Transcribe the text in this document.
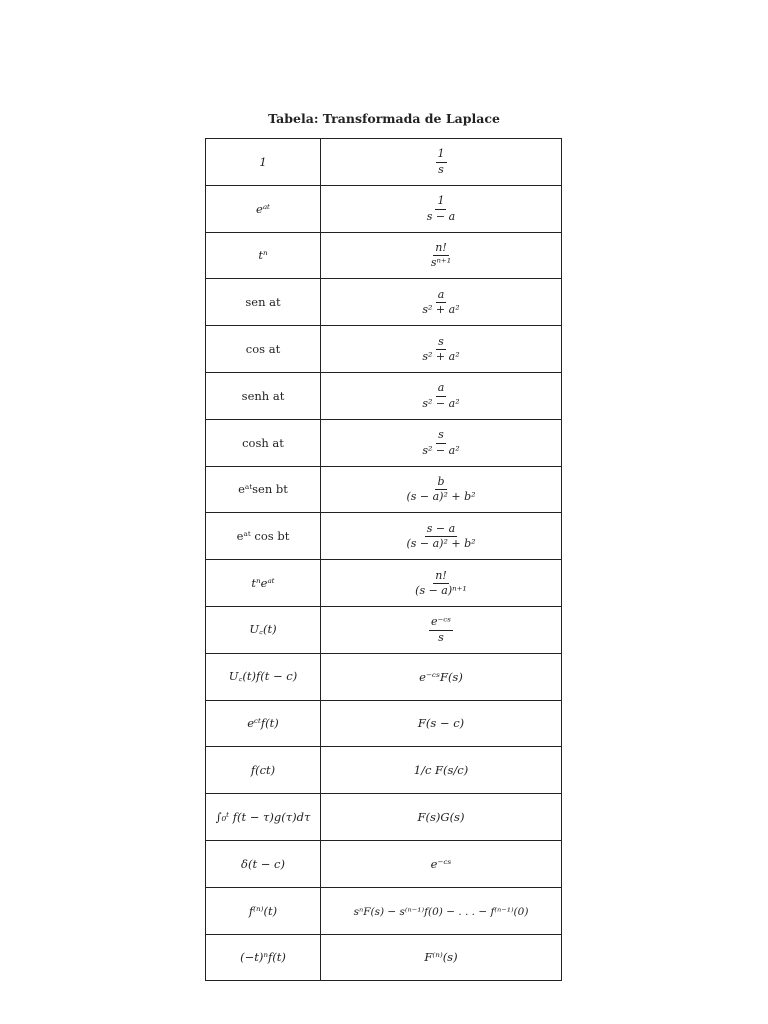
Tabela: Transformada de Laplace
1	$\frac{1}{s}$

eᵃᵗ	$\frac{1}{s - a}$

tⁿ	$\frac{n!}{\text{sⁿ⁺¹}}$

sen at	$\frac{a}{\text{s² + a²}}$

cos at	$\frac{s}{\text{s² + a²}}$

senh at	$\frac{a}{\text{s² − a²}}$

cosh at	$\frac{s}{\text{s² − a²}}$

eᵃᵗsen bt	$\frac{b}{\text{(s − a)² + b²}}$

eᵃᵗ cos bt	$\frac{s - a}{\text{(s − a)² + b²}}$

tⁿeᵃᵗ	$\frac{n!}{\text{(s − a)ⁿ⁺¹}}$

U꜀(t)	$\frac{\text{e⁻ᶜˢ}}{s}$

U꜀(t)f(t − c)	e⁻ᶜˢF(s)
eᶜᵗf(t)	F(s − c)
f(ct)	1/c F(s/c)
∫₀ᵗ f(t − τ)g(τ)dτ	F(s)G(s)
δ(t − c)	e⁻ᶜˢ
f⁽ⁿ⁾(t)	sⁿF(s) − s⁽ⁿ⁻¹⁾f(0) − . . . − f⁽ⁿ⁻¹⁾(0)
(−t)ⁿf(t)	F⁽ⁿ⁾(s)
